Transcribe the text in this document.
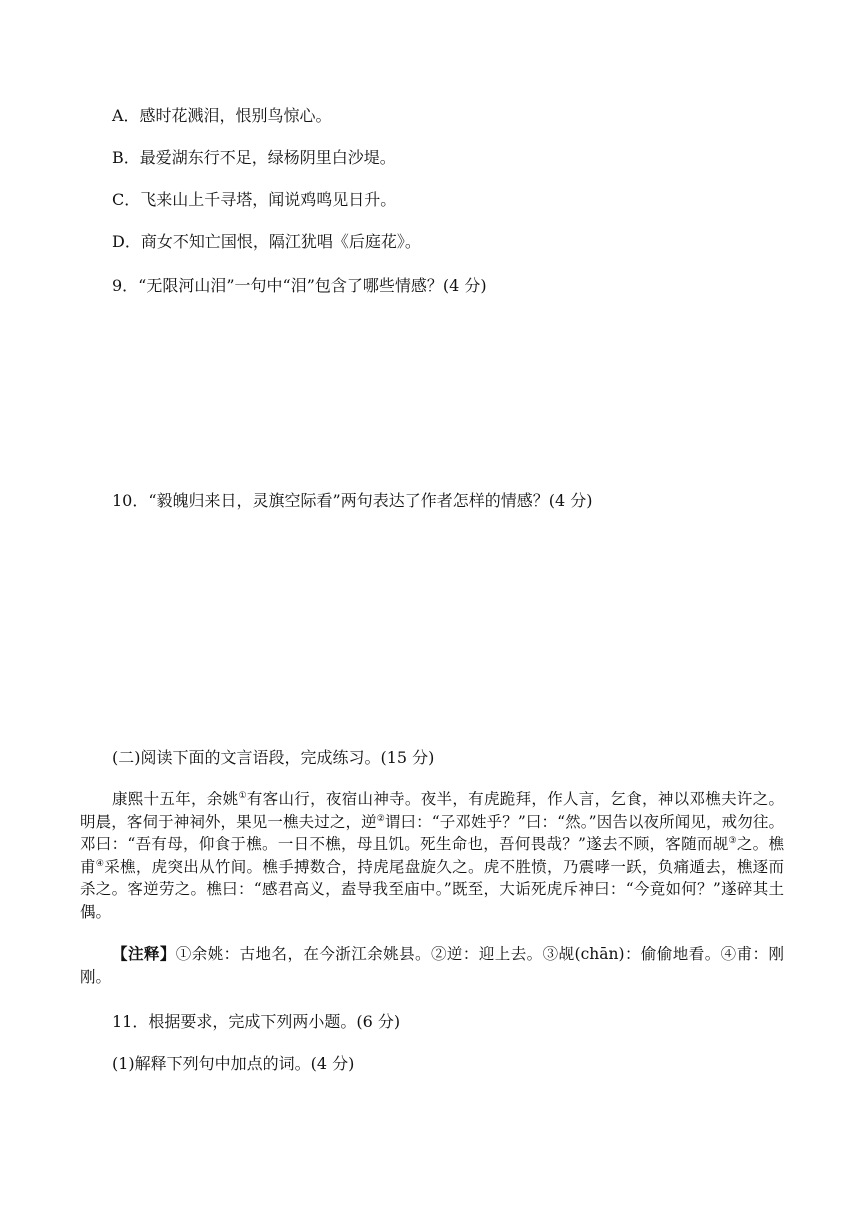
A．感时花溅泪，恨别鸟惊心。
B．最爱湖东行不足，绿杨阴里白沙堤。
C．飞来山上千寻塔，闻说鸡鸣见日升。
D．商女不知亡国恨，隔江犹唱《后庭花》。
9．“无限河山泪”一句中“泪”包含了哪些情感？(4 分)
10．“毅魄归来日，灵旗空际看”两句表达了作者怎样的情感？(4 分)
(二)阅读下面的文言语段，完成练习。(15 分)
康熙十五年，余姚①有客山行，夜宿山神寺。夜半，有虎跪拜，作人言，乞食，神以邓樵夫许之。明晨，客伺于神祠外，果见一樵夫过之，逆②谓曰：“子邓姓乎？”曰：“然。”因告以夜所闻见，戒勿往。邓曰：“吾有母，仰食于樵。一日不樵，母且饥。死生命也，吾何畏哉？”遂去不顾，客随而觇③之。樵甫④采樵，虎突出从竹间。樵手搏数合，持虎尾盘旋久之。虎不胜愤，乃震哮一跃，负痛遁去，樵逐而杀之。客逆劳之。樵曰：“感君高义，盍导我至庙中。”既至，大诟死虎斥神曰：“今竟如何？”遂碎其土偶。
【注释】①余姚：古地名，在今浙江余姚县。②逆：迎上去。③觇(chān)：偷偷地看。④甫：刚刚。
11．根据要求，完成下列两小题。(6 分)
(1)解释下列句中加点的词。(4 分)
